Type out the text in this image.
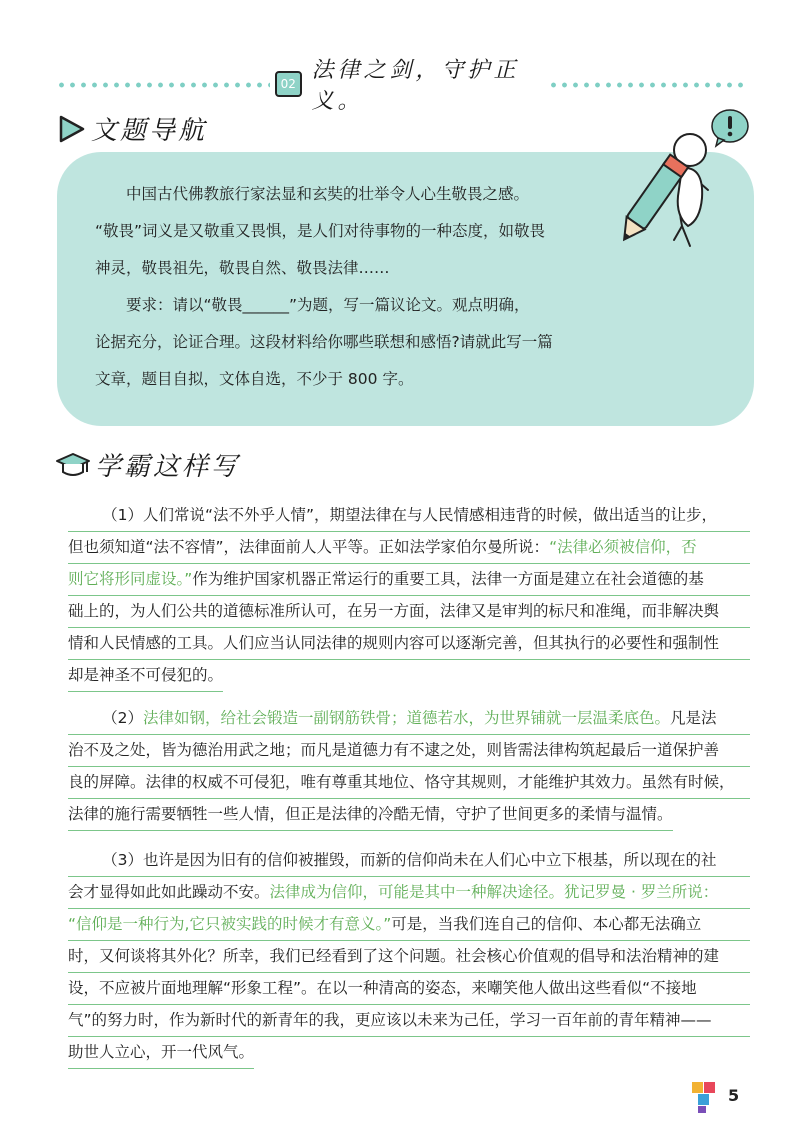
02
法律之剑，守护正义。
文题导航

中国古代佛教旅行家法显和玄奘的壮举令人心生敬畏之感。

“敬畏”词义是又敬重又畏惧，是人们对待事物的一种态度，如敬畏

神灵，敬畏祖先，敬畏自然、敬畏法律……

要求：请以“敬畏______”为题，写一篇议论文。观点明确，

论据充分，论证合理。这段材料给你哪些联想和感悟?请就此写一篇

文章，题目自拟，文体自选，不少于 800 字。

学霸这样写
（1）人们常说“法不外乎人情”，期望法律在与人民情感相违背的时候，做出适当的让步，
但也须知道“法不容情”，法律面前人人平等。正如法学家伯尔曼所说：“法律必须被信仰，否
则它将形同虚设。”作为维护国家机器正常运行的重要工具，法律一方面是建立在社会道德的基
础上的，为人们公共的道德标准所认可，在另一方面，法律又是审判的标尺和准绳，而非解决舆
情和人民情感的工具。人们应当认同法律的规则内容可以逐渐完善，但其执行的必要性和强制性
却是神圣不可侵犯的。
（2）法律如钢，给社会锻造一副钢筋铁骨；道德若水，为世界铺就一层温柔底色。凡是法
治不及之处，皆为德治用武之地；而凡是道德力有不逮之处，则皆需法律构筑起最后一道保护善
良的屏障。法律的权威不可侵犯，唯有尊重其地位、恪守其规则，才能维护其效力。虽然有时候，
法律的施行需要牺牲一些人情，但正是法律的冷酷无情，守护了世间更多的柔情与温情。
（3）也许是因为旧有的信仰被摧毁，而新的信仰尚未在人们心中立下根基，所以现在的社
会才显得如此如此躁动不安。法律成为信仰，可能是其中一种解决途径。犹记罗曼 · 罗兰所说：
“信仰是一种行为,它只被实践的时候才有意义。”可是，当我们连自己的信仰、本心都无法确立
时，又何谈将其外化？所幸，我们已经看到了这个问题。社会核心价值观的倡导和法治精神的建
设，不应被片面地理解“形象工程”。在以一种清高的姿态，来嘲笑他人做出这些看似“不接地
气”的努力时，作为新时代的新青年的我，更应该以未来为己任，学习一百年前的青年精神——
助世人立心，开一代风气。
5
